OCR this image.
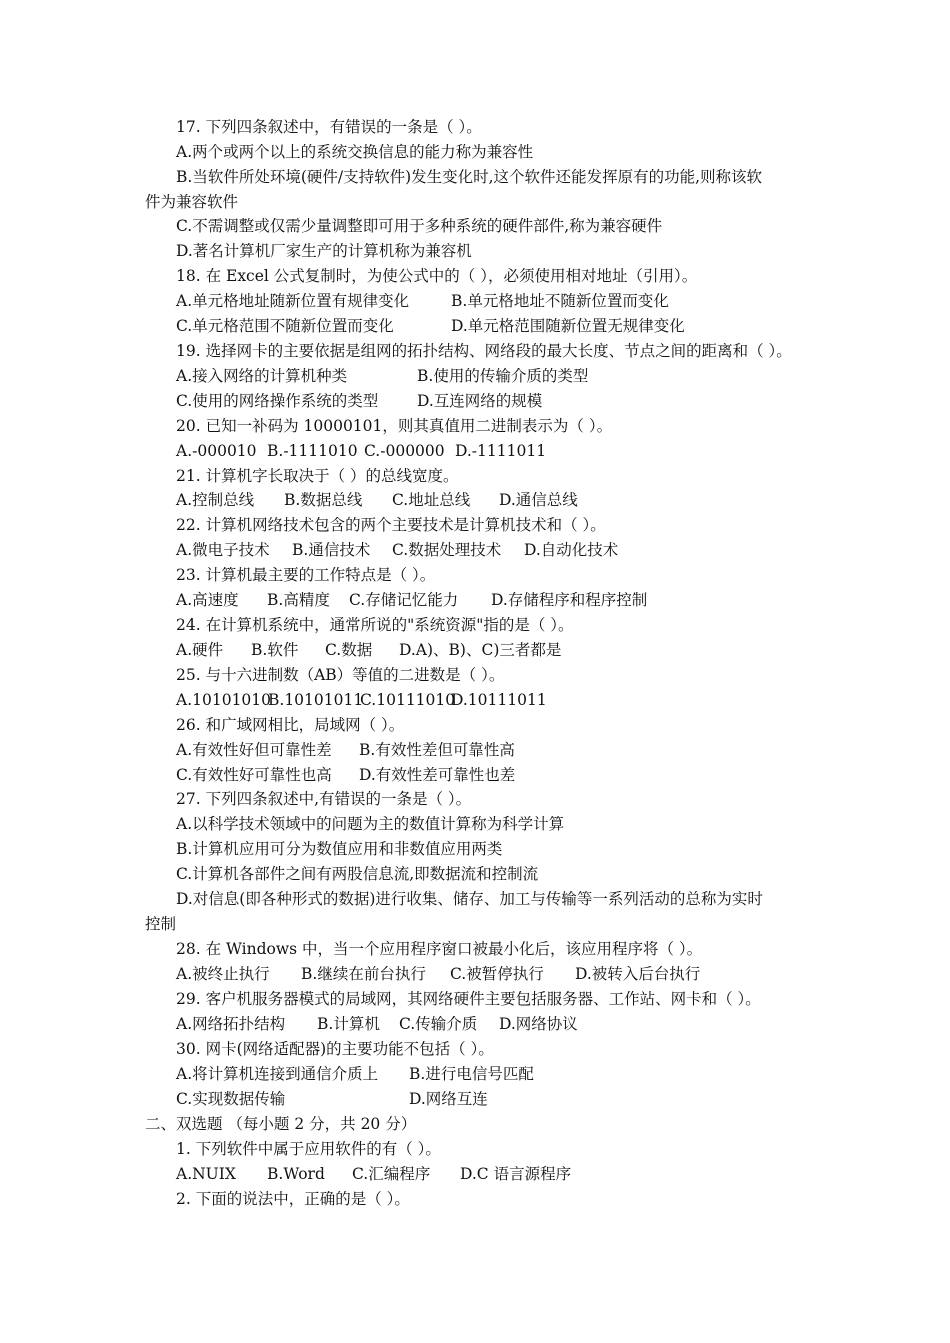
17. 下列四条叙述中，有错误的一条是（ ）。
A.两个或两个以上的系统交换信息的能力称为兼容性
B.当软件所处环境(硬件/支持软件)发生变化时,这个软件还能发挥原有的功能,则称该软
件为兼容软件
C.不需调整或仅需少量调整即可用于多种系统的硬件部件,称为兼容硬件
D.著名计算机厂家生产的计算机称为兼容机
18. 在 Excel 公式复制时，为使公式中的（ ），必须使用相对地址（引用）。
A.单元格地址随新位置有规律变化	B.单元格地址不随新位置而变化
C.单元格范围不随新位置而变化	D.单元格范围随新位置无规律变化
19. 选择网卡的主要依据是组网的拓扑结构、网络段的最大长度、节点之间的距离和（ ）。
A.接入网络的计算机种类	B.使用的传输介质的类型
C.使用的网络操作系统的类型	D.互连网络的规模
20. 已知一补码为 10000101，则其真值用二进制表示为（ ）。
A.-000010 B.-1111010 C.-000000 D.-1111011
21. 计算机字长取决于（ ）的总线宽度。
A.控制总线 B.数据总线 C.地址总线 D.通信总线
22. 计算机网络技术包含的两个主要技术是计算机技术和（ ）。
A.微电子技术 B.通信技术 C.数据处理技术 D.自动化技术
23. 计算机最主要的工作特点是（ ）。
A.高速度 B.高精度 C.存储记忆能力 D.存储程序和程序控制
24. 在计算机系统中，通常所说的"系统资源"指的是（ ）。
A.硬件 B.软件 C.数据 D.A)、B)、C)三者都是
25. 与十六进制数（AB）等值的二进数是（ ）。
A.10101010
B.10101011
C.10111010
D.10111011
26. 和广域网相比，局域网（ ）。
A.有效性好但可靠性差 B.有效性差但可靠性高
C.有效性好可靠性也高 D.有效性差可靠性也差
27. 下列四条叙述中,有错误的一条是（ ）。
A.以科学技术领域中的问题为主的数值计算称为科学计算
B.计算机应用可分为数值应用和非数值应用两类
C.计算机各部件之间有两股信息流,即数据流和控制流
D.对信息(即各种形式的数据)进行收集、储存、加工与传输等一系列活动的总称为实时
控制
28. 在 Windows 中，当一个应用程序窗口被最小化后，该应用程序将（ ）。
A.被终止执行 B.继续在前台执行 C.被暂停执行 D.被转入后台执行
29. 客户机服务器模式的局域网，其网络硬件主要包括服务器、工作站、网卡和（ ）。
A.网络拓扑结构 B.计算机 C.传输介质 D.网络协议
30. 网卡(网络适配器)的主要功能不包括（ ）。
A.将计算机连接到通信介质上 B.进行电信号匹配
C.实现数据传输	D.网络互连
二、双选题 （每小题 2 分，共 20 分）
1. 下列软件中属于应用软件的有（ ）。
A.NUIX B.Word C.汇编程序 D.C 语言源程序
2. 下面的说法中，正确的是（ ）。
